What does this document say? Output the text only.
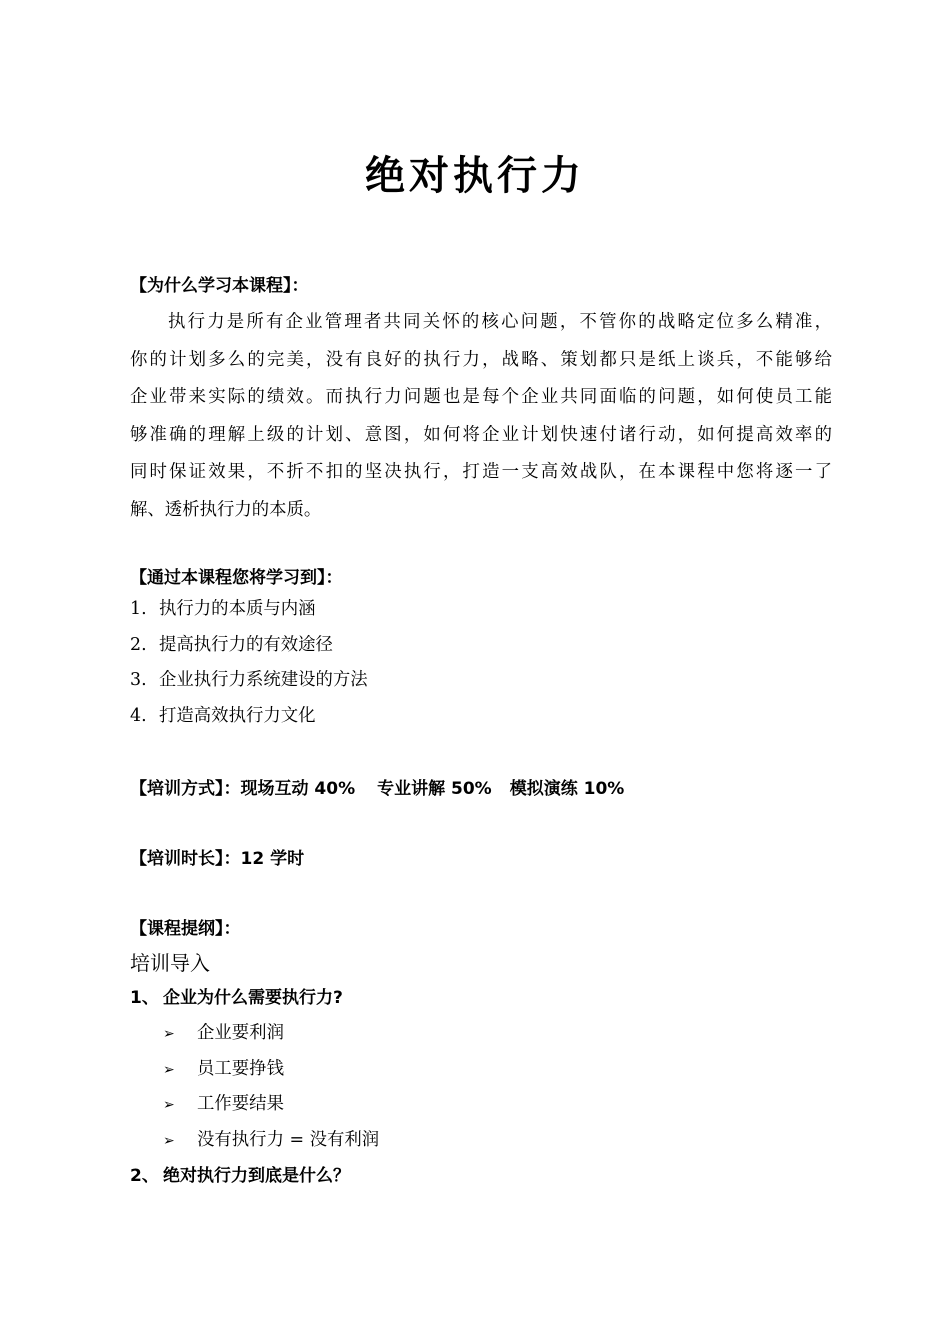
绝对执行力
【为什么学习本课程】：
执行力是所有企业管理者共同关怀的核心问题，不管你的战略定位多么精准，
你的计划多么的完美，没有良好的执行力，战略、策划都只是纸上谈兵，不能够给
企业带来实际的绩效。而执行力问题也是每个企业共同面临的问题，如何使员工能
够准确的理解上级的计划、意图，如何将企业计划快速付诸行动，如何提高效率的
同时保证效果，不折不扣的坚决执行，打造一支高效战队，在本课程中您将逐一了
解、透析执行力的本质。
【通过本课程您将学习到】：
1. 执行力的本质与内涵
2. 提高执行力的有效途径
3. 企业执行力系统建设的方法
4. 打造高效执行力文化
【培训方式】：现场互动 40% 专业讲解 50% 模拟演练 10%
【培训时长】：12 学时
【课程提纲】：
培训导入
1、 企业为什么需要执行力?
➢ 企业要利润
➢ 员工要挣钱
➢ 工作要结果
➢ 没有执行力 = 没有利润
2、 绝对执行力到底是什么？
